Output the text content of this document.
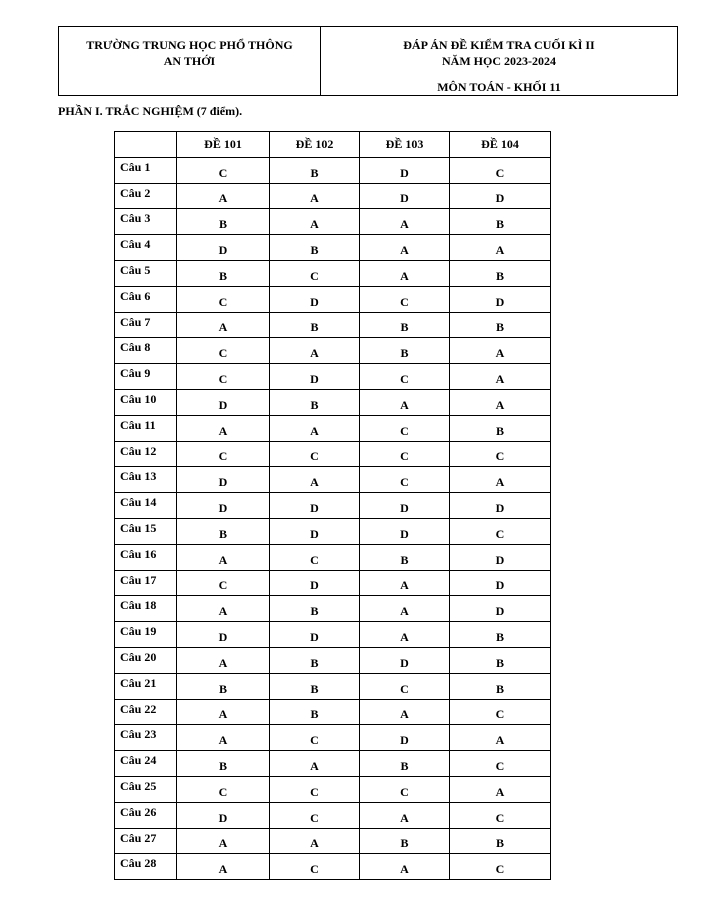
TRƯỜNG TRUNG HỌC PHỔ THÔNG
AN THỚI
ĐÁP ÁN ĐỀ KIỂM TRA CUỐI KÌ II
NĂM HỌC 2023-2024
MÔN TOÁN - KHỐI 11
PHẦN I. TRẮC NGHIỆM (7 điểm).
	ĐỀ 101	ĐỀ 102	ĐỀ 103	ĐỀ 104
Câu 1	C	B	D	C
Câu 2	A	A	D	D
Câu 3	B	A	A	B
Câu 4	D	B	A	A
Câu 5	B	C	A	B
Câu 6	C	D	C	D
Câu 7	A	B	B	B
Câu 8	C	A	B	A
Câu 9	C	D	C	A
Câu 10	D	B	A	A
Câu 11	A	A	C	B
Câu 12	C	C	C	C
Câu 13	D	A	C	A
Câu 14	D	D	D	D
Câu 15	B	D	D	C
Câu 16	A	C	B	D
Câu 17	C	D	A	D
Câu 18	A	B	A	D
Câu 19	D	D	A	B
Câu 20	A	B	D	B
Câu 21	B	B	C	B
Câu 22	A	B	A	C
Câu 23	A	C	D	A
Câu 24	B	A	B	C
Câu 25	C	C	C	A
Câu 26	D	C	A	C
Câu 27	A	A	B	B
Câu 28	A	C	A	C
